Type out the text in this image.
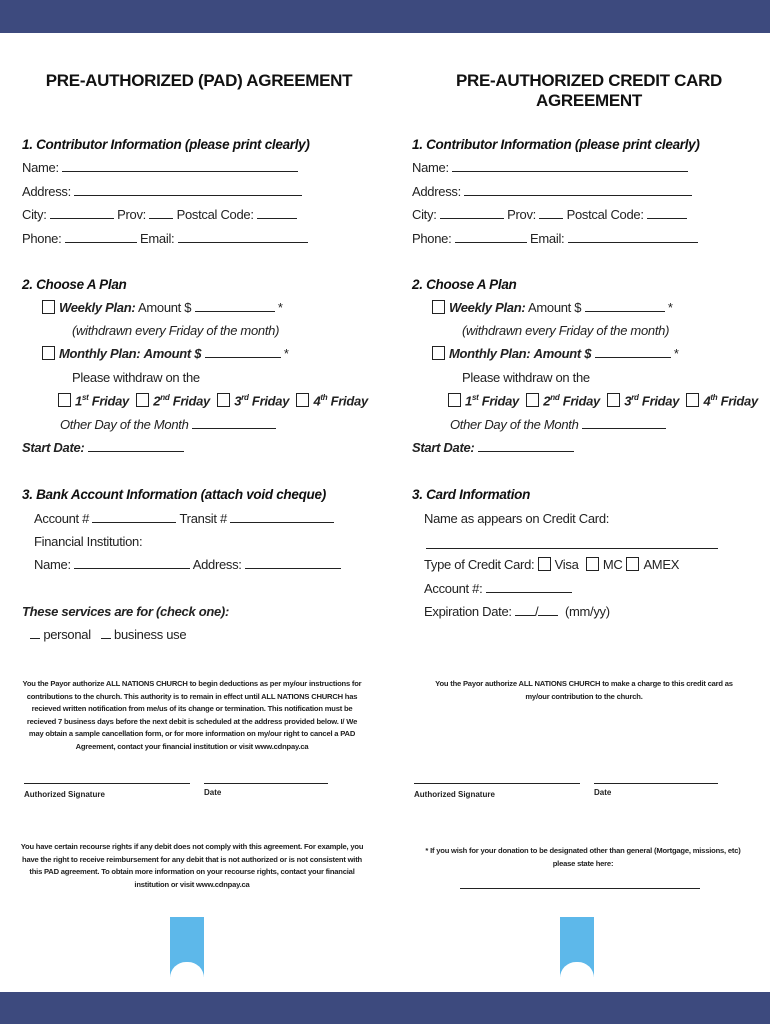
PRE-AUTHORIZED (PAD) AGREEMENT
1. Contributor Information (please print clearly)
Name:
Address:
City:	Prov: Postcal Code:
Phone:	Email:
2. Choose A Plan
Weekly Plan: Amount $	*
(withdrawn every Friday of the month)
Monthly Plan: Amount $	*
Please withdraw on the
1st Friday 2nd Friday 3rd Friday 4th Friday
Other Day of the Month
Start Date:
3. Bank Account Information (attach void cheque)
Account #	Transit #
Financial Institution:
Name:	Address:
These services are for (check one):
personal business use
You the Payor authorize ALL NATIONS CHURCH to begin deductions as per my/our instructions for contributions to the church. This authority is to remain in effect until ALL NATIONS CHURCH has recieved written notification from me/us of its change or termination. This notification must be recieved 7 business days before the next debit is scheduled at the address provided below. I/ We may obtain a sample cancellation form, or for more information on my/our right to cancel a PAD Agreement, contact your financial institution or visit www.cdnpay.ca
Authorized Signature	Date
You have certain recourse rights if any debit does not comply with this agreement. For example, you have the right to receive reimbursement for any debit that is not authorized or is not consistent with this PAD agreement. To obtain more information on your recourse rights, contact your financial institution or visit www.cdnpay.ca
PRE-AUTHORIZED CREDIT CARD AGREEMENT
1. Contributor Information (please print clearly)
Name:
Address:
City:	Prov: Postcal Code:
Phone:	Email:
2. Choose A Plan
Weekly Plan: Amount $	*
(withdrawn every Friday of the month)
Monthly Plan: Amount $	*
Please withdraw on the
1st Friday 2nd Friday 3rd Friday 4th Friday
Other Day of the Month
Start Date:
3. Card Information
Name as appears on Credit Card:
Type of Credit Card: Visa MC AMEX
Account #:
Expiration Date: / (mm/yy)
You the Payor authorize ALL NATIONS CHURCH to make a charge to this credit card as my/our contribution to the church.
Authorized Signature	Date
* If you wish for your donation to be designated other than general (Mortgage, missions, etc) please state here:
